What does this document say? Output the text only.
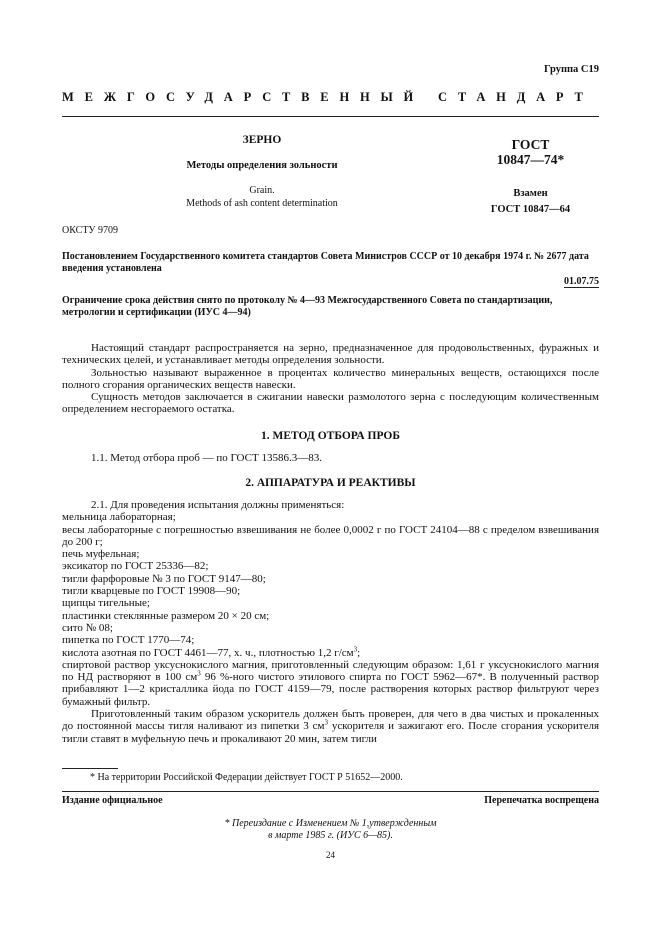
Группа С19
МЕЖГОСУДАРСТВЕННЫЙ СТАНДАРТ
ЗЕРНО
Методы определения зольности
Grain.
Methods of ash content determination
ГОСТ
10847—74*
Взамен
ГОСТ 10847—64
ОКСТУ 9709
Постановлением Государственного комитета стандартов Совета Министров СССР от 10 декабря 1974 г. № 2677 дата введения установлена
01.07.75
Ограничение срока действия снято по протоколу № 4—93 Межгосударственного Совета по стандартизации, метрологии и сертификации (ИУС 4—94)

Настоящий стандарт распространяется на зерно, предназначенное для продовольственных, фуражных и технических целей, и устанавливает методы определения зольности.

Зольностью называют выраженное в процентах количество минеральных веществ, остающихся после полного сгорания органических веществ навески.

Сущность методов заключается в сжигании навески размолотого зерна с последующим количественным определением несгораемого остатка.

1. МЕТОД ОТБОРА ПРОБ

1.1. Метод отбора проб — по ГОСТ 13586.3—83.

2. АППАРАТУРА И РЕАКТИВЫ

2.1. Для проведения испытания должны применяться:

мельница лабораторная;

весы лабораторные с погрешностью взвешивания не более 0,0002 г по ГОСТ 24104—88 с пределом взвешивания до 200 г;

печь муфельная;

эксикатор по ГОСТ 25336—82;

тигли фарфоровые № 3 по ГОСТ 9147—80;

тигли кварцевые по ГОСТ 19908—90;

щипцы тигельные;

пластинки стеклянные размером 20 × 20 см;

сито № 08;

пипетка по ГОСТ 1770—74;

кислота азотная по ГОСТ 4461—77, х. ч., плотностью 1,2 $г/см^3$;

спиртовой раствор уксуснокислого магния, приготовленный следующим образом: 1,61 г уксуснокислого магния по НД растворяют в 100 $см^3$ 96 %-ного чистого этилового спирта по ГОСТ 5962—67*. В полученный раствор прибавляют 1—2 кристаллика йода по ГОСТ 4159—79, после растворения которых раствор фильтруют через бумажный фильтр.

Приготовленный таким образом ускоритель должен быть проверен, для чего в два чистых и прокаленных до постоянной массы тигля наливают из пипетки 3 $см^3$ ускорителя и зажигают его. После сгорания ускорителя тигли ставят в муфельную печь и прокаливают 20 мин, затем тигли

* На территории Российской Федерации действует ГОСТ Р 51652—2000.
Издание официальное	Перепечатка воспрещена
* Переиздание с Изменением № 1,утвержденным
в марте 1985 г. (ИУС 6—85).
24
